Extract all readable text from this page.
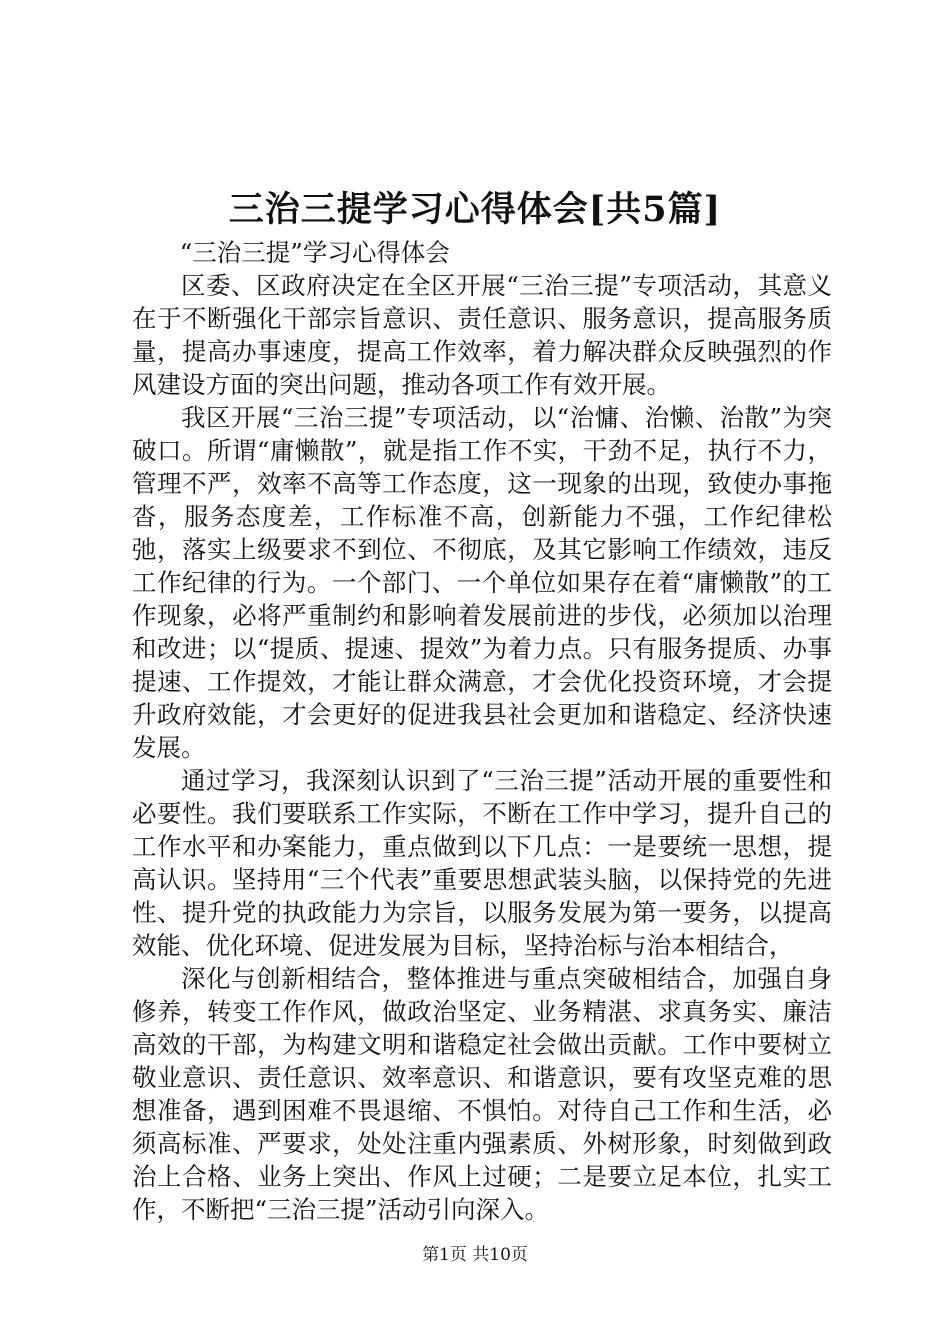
三治三提学习心得体会[共5篇]

“三治三提”学习心得体会

区委、区政府决定在全区开展“三治三提”专项活动，其意义在于不断强化干部宗旨意识、责任意识、服务意识，提高服务质量，提高办事速度，提高工作效率，着力解决群众反映强烈的作风建设方面的突出问题，推动各项工作有效开展。

我区开展“三治三提”专项活动，以“治慵、治懒、治散”为突破口。所谓“庸懒散”，就是指工作不实，干劲不足，执行不力，管理不严，效率不高等工作态度，这一现象的出现，致使办事拖沓，服务态度差，工作标准不高，创新能力不强，工作纪律松弛，落实上级要求不到位、不彻底，及其它影响工作绩效，违反工作纪律的行为。一个部门、一个单位如果存在着“庸懒散”的工作现象，必将严重制约和影响着发展前进的步伐，必须加以治理和改进；以“提质、提速、提效”为着力点。只有服务提质、办事提速、工作提效，才能让群众满意，才会优化投资环境，才会提升政府效能，才会更好的促进我县社会更加和谐稳定、经济快速发展。

通过学习，我深刻认识到了“三治三提”活动开展的重要性和必要性。我们要联系工作实际，不断在工作中学习，提升自己的工作水平和办案能力，重点做到以下几点：一是要统一思想，提高认识。坚持用“三个代表”重要思想武装头脑，以保持党的先进性、提升党的执政能力为宗旨，以服务发展为第一要务，以提高效能、优化环境、促进发展为目标，坚持治标与治本相结合，

深化与创新相结合，整体推进与重点突破相结合，加强自身修养，转变工作作风，做政治坚定、业务精湛、求真务实、廉洁高效的干部，为构建文明和谐稳定社会做出贡献。工作中要树立敬业意识、责任意识、效率意识、和谐意识，要有攻坚克难的思想准备，遇到困难不畏退缩、不惧怕。对待自己工作和生活，必须高标准、严要求，处处注重内强素质、外树形象，时刻做到政治上合格、业务上突出、作风上过硬；二是要立足本位，扎实工作，不断把“三治三提”活动引向深入。

第1页 共10页
